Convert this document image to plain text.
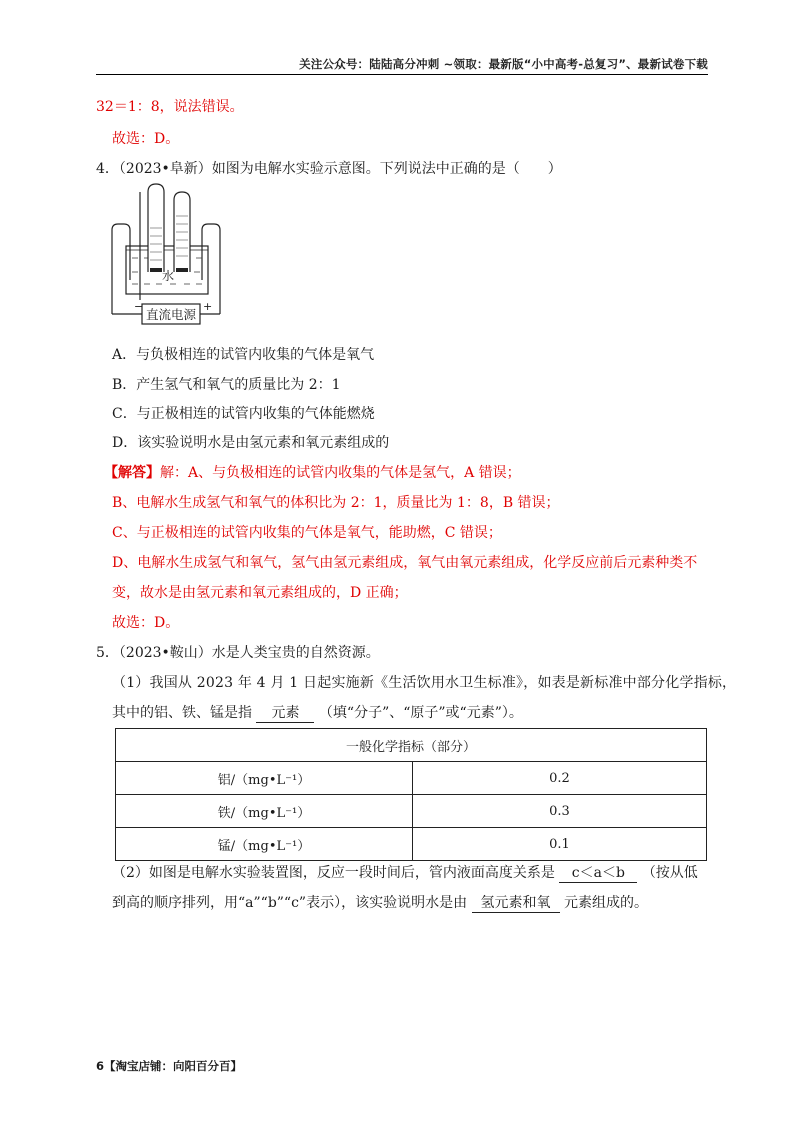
关注公众号：陆陆高分冲刺 ~领取：最新版“小中高考-总复习”、最新试卷下载
32＝1：8，说法错误。
故选：D。
4．（2023•阜新）如图为电解水实验示意图。下列说法中正确的是（　　）
水
直流电源
−	+
A．与负极相连的试管内收集的气体是氧气
B．产生氢气和氧气的质量比为 2：1
C．与正极相连的试管内收集的气体能燃烧
D．该实验说明水是由氢元素和氧元素组成的
【解答】解：A、与负极相连的试管内收集的气体是氢气，A 错误；
B、电解水生成氢气和氧气的体积比为 2：1，质量比为 1：8，B 错误；
C、与正极相连的试管内收集的气体是氧气，能助燃，C 错误；
D、电解水生成氢气和氧气，氢气由氢元素组成，氧气由氧元素组成，化学反应前后元素种类不
变，故水是由氢元素和氧元素组成的，D 正确；
故选：D。
5．（2023•鞍山）水是人类宝贵的自然资源。
（1）我国从 2023 年 4 月 1 日起实施新《生活饮用水卫生标准》，如表是新标准中部分化学指标，
其中的铝、铁、锰是指 元素 （填“分子”、“原子”或“元素”）。
一般化学指标（部分）	
铝/（mg•L⁻¹）	0.2
铁/（mg•L⁻¹）	0.3
锰/（mg•L⁻¹）	0.1
（2）如图是电解水实验装置图，反应一段时间后，管内液面高度关系是 c＜a＜b （按从低
到高的顺序排列，用“a”“b”“c”表示），该实验说明水是由 氢元素和氧 元素组成的。
6【淘宝店铺：向阳百分百】
